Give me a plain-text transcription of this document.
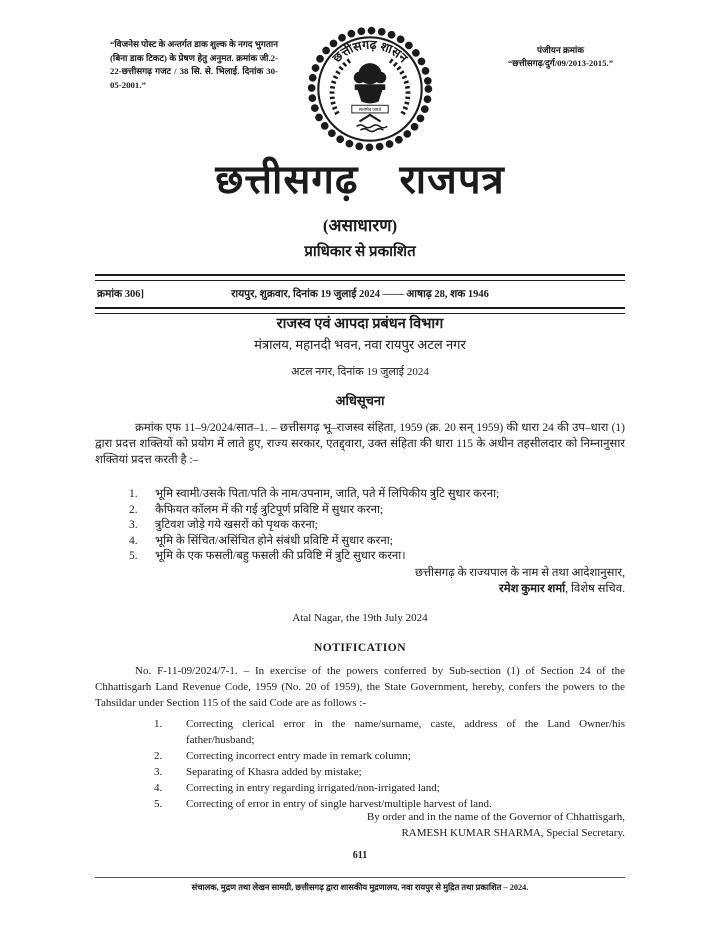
“विजनेस पोस्ट के अन्तर्गत डाक शुल्क के नगद भुगतान (बिना डाक टिकट) के प्रेषण हेतु अनुमत. क्रमांक जी.2-22-छत्तीसगढ़ गजट / 38 सि. से. भिलाई. दिनांक 30-05-2001.”
छत्तीसगढ़ शासन
सत्यमेव जयते
पंजीयन क्रमांक
“छत्तीसगढ़/दुर्ग/09/2013-2015.”
छत्तीसगढ़ राजपत्र
(असाधारण)
प्राधिकार से प्रकाशित
क्रमांक 306]	रायपुर, शुक्रवार, दिनांक 19 जुलाई 2024 —— आषाढ़ 28, शक 1946
राजस्व एवं आपदा प्रबंधन विभाग
मंत्रालय, महानदी भवन, नवा रायपुर अटल नगर
अटल नगर, दिनांक 19 जुलाई 2024
अधिसूचना
क्रमांक एफ 11–9/2024/सात–1. – छत्तीसगढ़ भू–राजस्व संहिता, 1959 (क्र. 20 सन् 1959) की धारा 24 की उप–धारा (1) द्वारा प्रदत्त शक्तियों को प्रयोग में लाते हुए, राज्य सरकार, एतद्द्वारा, उक्त संहिता की धारा 115 के अधीन तहसीलदार को निम्नानुसार शक्तियां प्रदत्त करती है :–
भूमि स्वामी/उसके पिता/पति के नाम/उपनाम, जाति, पते में लिपिकीय त्रुटि सुधार करना;
कैफियत कॉलम में की गई त्रुटिपूर्ण प्रविष्टि में सुधार करना;
त्रुटिवश जोड़े गये खसरों को पृथक करना;
भूमि के सिंचित/असिंचित होने संबंधी प्रविष्टि में सुधार करना;
भूमि के एक फसली/बहु फसली की प्रविष्टि में त्रुटि सुधार करना।
छत्तीसगढ़ के राज्यपाल के नाम से तथा आदेशानुसार,
रमेश कुमार शर्मा, विशेष सचिव.
Atal Nagar, the 19th July 2024
NOTIFICATION
No. F-11-09/2024/7-1. – In exercise of the powers conferred by Sub-section (1) of Section 24 of the Chhattisgarh Land Revenue Code, 1959 (No. 20 of 1959), the State Government, hereby, confers the powers to the Tahsildar under Section 115 of the said Code are as follows :-
Correcting clerical error in the name/surname, caste, address of the Land Owner/his father/husband;
Correcting incorrect entry made in remark column;
Separating of Khasra added by mistake;
Correcting in entry regarding irrigated/non-irrigated land;
Correcting of error in entry of single harvest/multiple harvest of land.
By order and in the name of the Governor of Chhattisgarh,
RAMESH KUMAR SHARMA, Special Secretary.
611
संचालक, मुद्रण तथा लेखन सामग्री, छत्तीसगढ़ द्वारा शासकीय मुद्रणालय, नवा रायपुर से मुद्रित तथा प्रकाशित – 2024.
